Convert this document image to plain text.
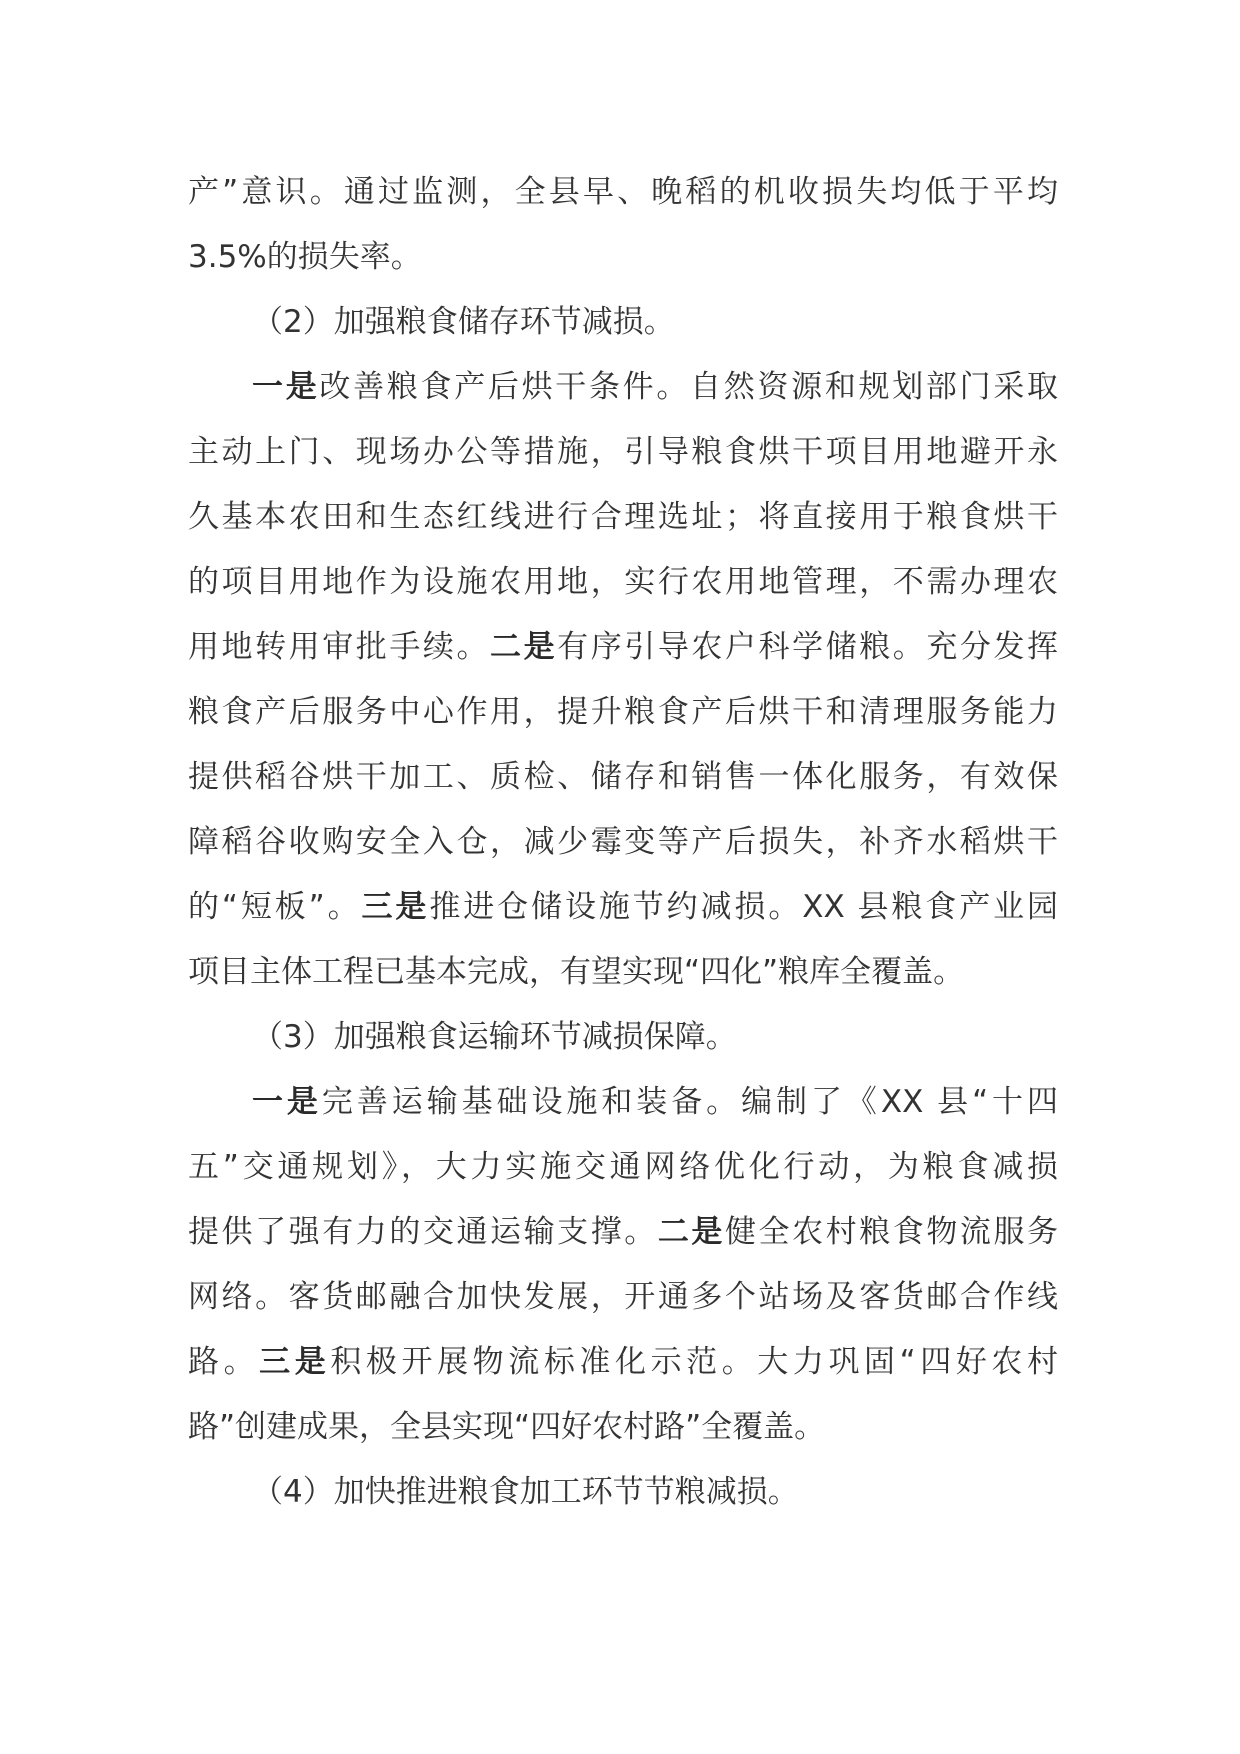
产”意识。通过监测，全县早、晚稻的机收损失均低于平均
3.5%的损失率。
（2）加强粮食储存环节减损。
一是改善粮食产后烘干条件。自然资源和规划部门采取
主动上门、现场办公等措施，引导粮食烘干项目用地避开永
久基本农田和生态红线进行合理选址；将直接用于粮食烘干
的项目用地作为设施农用地，实行农用地管理，不需办理农
用地转用审批手续。二是有序引导农户科学储粮。充分发挥
粮食产后服务中心作用，提升粮食产后烘干和清理服务能力
提供稻谷烘干加工、质检、储存和销售一体化服务，有效保
障稻谷收购安全入仓，减少霉变等产后损失，补齐水稻烘干
的“短板”。三是推进仓储设施节约减损。XX 县粮食产业园
项目主体工程已基本完成，有望实现“四化”粮库全覆盖。
（3）加强粮食运输环节减损保障。
一是完善运输基础设施和装备。编制了《XX 县“十四
五”交通规划》，大力实施交通网络优化行动，为粮食减损
提供了强有力的交通运输支撑。二是健全农村粮食物流服务
网络。客货邮融合加快发展，开通多个站场及客货邮合作线
路。三是积极开展物流标准化示范。大力巩固“四好农村
路”创建成果，全县实现“四好农村路”全覆盖。
（4）加快推进粮食加工环节节粮减损。
